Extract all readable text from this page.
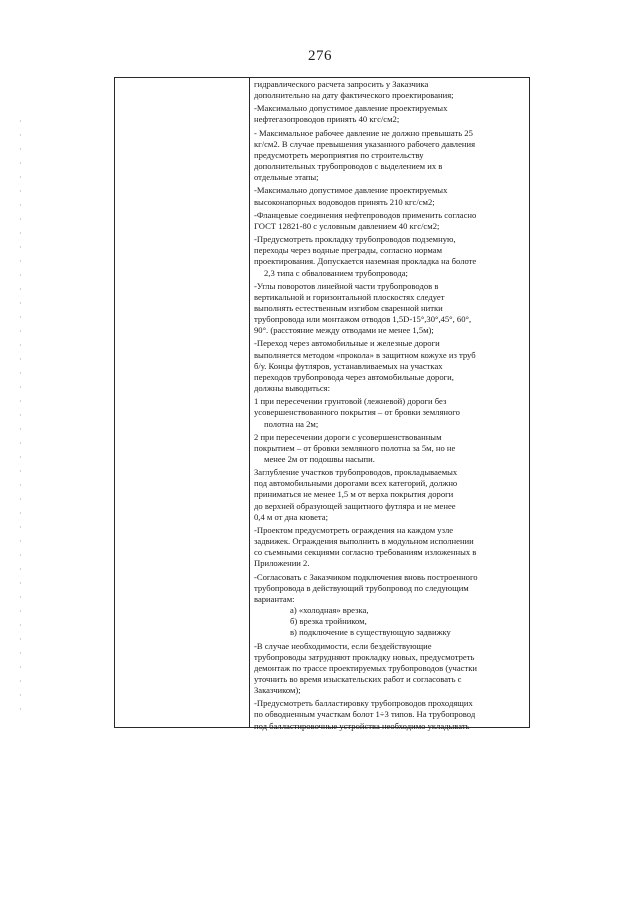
276
гидравлического расчета запросить у Заказчика
дополнительно на дату фактического проектирования;
-Максимально допустимое давление проектируемых
нефтегазопроводов принять 40 кгс/см2;
- Максимальное рабочее давление не должно превышать 25
кг/см2. В случае превышения указанного рабочего давления
предусмотреть мероприятия по строительству
дополнительных трубопроводов с выделением их в
отдельные этапы;
-Максимально допустимое давление проектируемых
высоконапорных водоводов принять 210 кгс/см2;
-Фланцевые соединения нефтепроводов применить согласно
ГОСТ 12821-80 с условным давлением 40 кгс/см2;
-Предусмотреть прокладку трубопроводов подземную,
переходы через водные преграды, согласно нормам
проектирования. Допускается наземная прокладка на болоте
2,3 типа с обвалованием трубопровода;
-Углы поворотов линейной части трубопроводов в
вертикальной и горизонтальной плоскостях следует
выполнять естественным изгибом сваренной нитки
трубопровода или монтажом отводов 1,5D-15°,30°,45°, 60°,
90°. (расстояние между отводами не менее 1,5м);
-Переход через автомобильные и железные дороги
выполняется методом «прокола» в защитном кожухе из труб
б/у. Концы футляров, устанавливаемых на участках
переходов трубопровода через автомобильные дороги,
должны выводиться:
1 при пересечении грунтовой (лежневой) дороги без
усовершенствованного покрытия – от бровки земляного
полотна на 2м;
2 при пересечении дороги с усовершенствованным
покрытием – от бровки земляного полотна за 5м, но не
менее 2м от подошвы насыпи.
Заглубление участков трубопроводов, прокладываемых
под автомобильными дорогами всех категорий, должно
приниматься не менее 1,5 м от верха покрытия дороги
до верхней образующей защитного футляра и не менее
0,4 м от дна кювета;
-Проектом предусмотреть ограждения на каждом узле
задвижек. Ограждения выполнить в модульном исполнении
со съемными секциями согласно требованиям изложенных в
Приложении 2.
-Согласовать с Заказчиком подключения вновь построенного
трубопровода в действующий трубопровод по следующим
вариантам:
а) «холодная» врезка,
б) врезка тройником,
в) подключение в существующую задвижку
-В случае необходимости, если бездействующие
трубопроводы затрудняют прокладку новых, предусмотреть
демонтаж по трассе проектируемых трубопроводов (участки
уточнить во время изыскательских работ и согласовать с
Заказчиком);
-Предусмотреть балластировку трубопроводов проходящих
по обводненным участкам болот 1÷3 типов. На трубопровод
под балластировочные устройства необходимо укладывать
